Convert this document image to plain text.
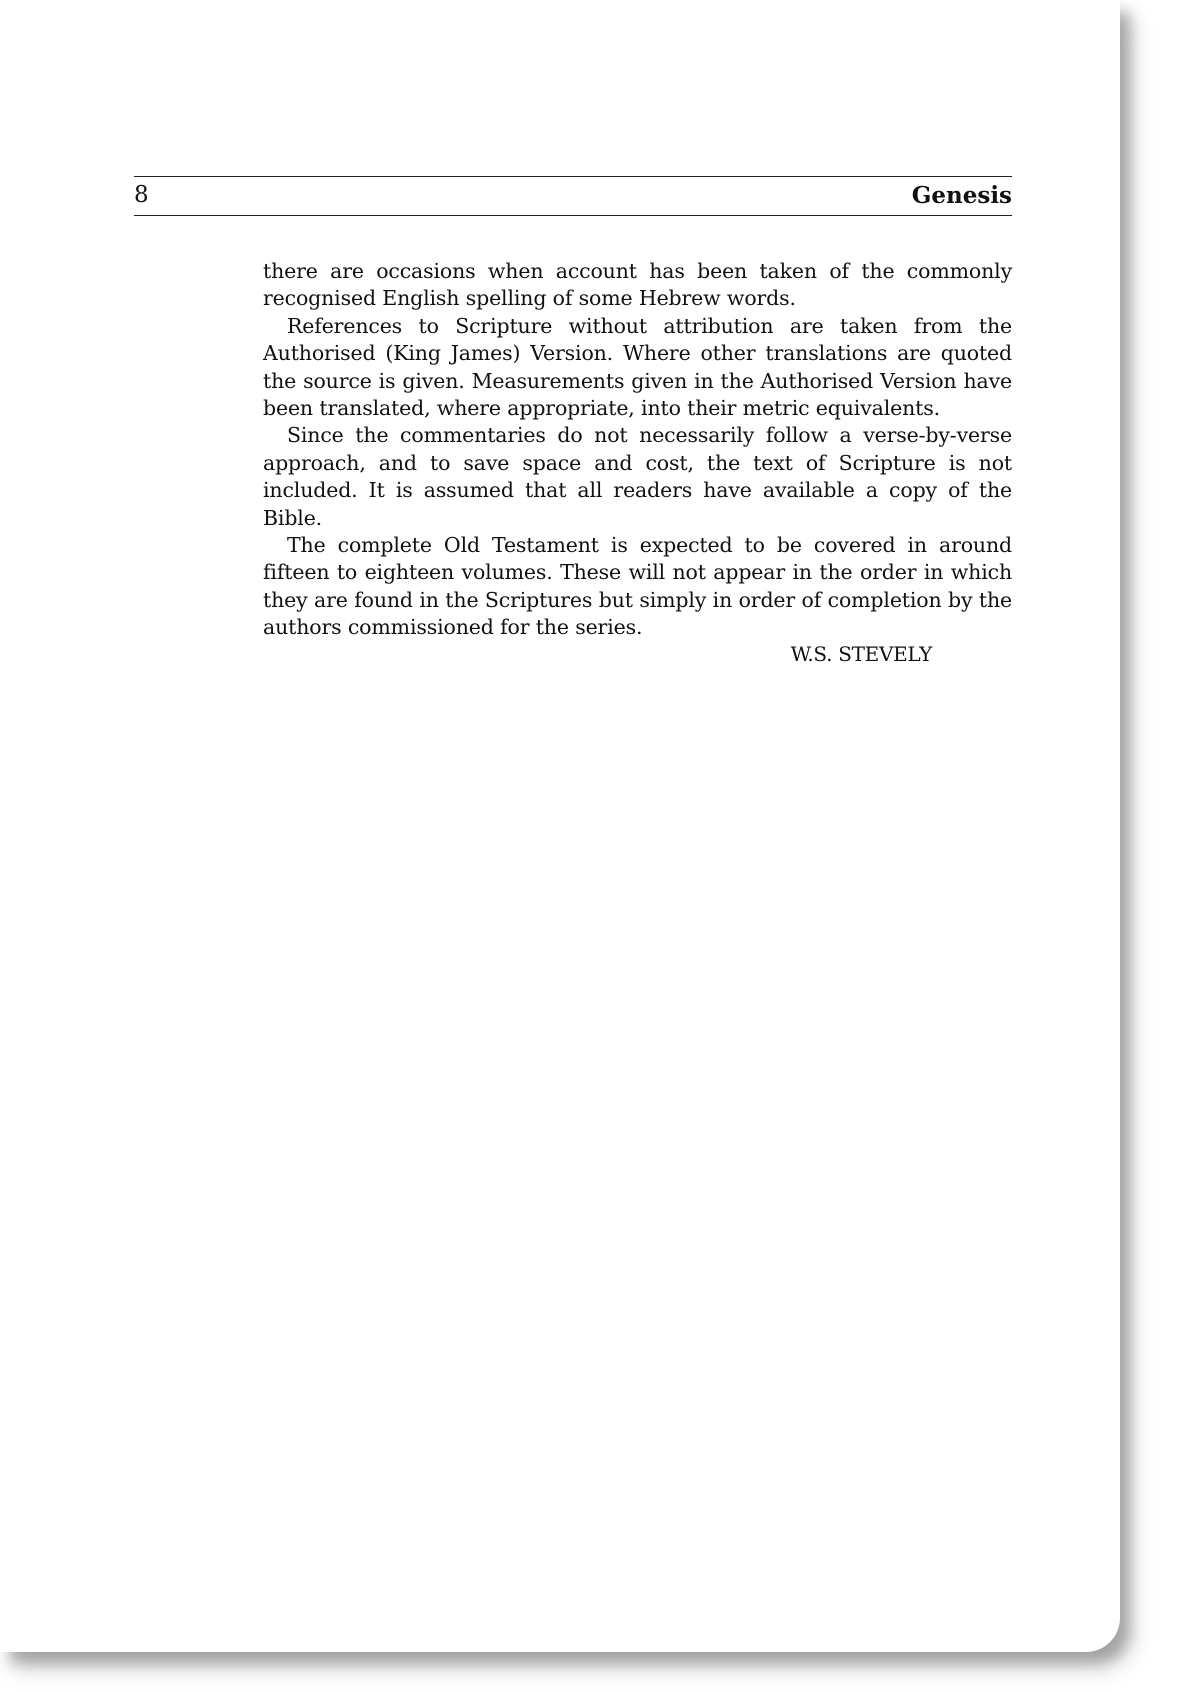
8	Genesis

there are occasions when account has been taken of the commonly recognised English spelling of some Hebrew words.

References to Scripture without attribution are taken from the Authorised (King James) Version. Where other translations are quoted the source is given. Measurements given in the Authorised Version have been translated, where appropriate, into their metric equivalents.

Since the commentaries do not necessarily follow a verse-by-verse approach, and to save space and cost, the text of Scripture is not included. It is assumed that all readers have available a copy of the Bible.

The complete Old Testament is expected to be covered in around fifteen to eighteen volumes. These will not appear in the order in which they are found in the Scriptures but simply in order of completion by the authors commissioned for the series.

W.S. STEVELY
